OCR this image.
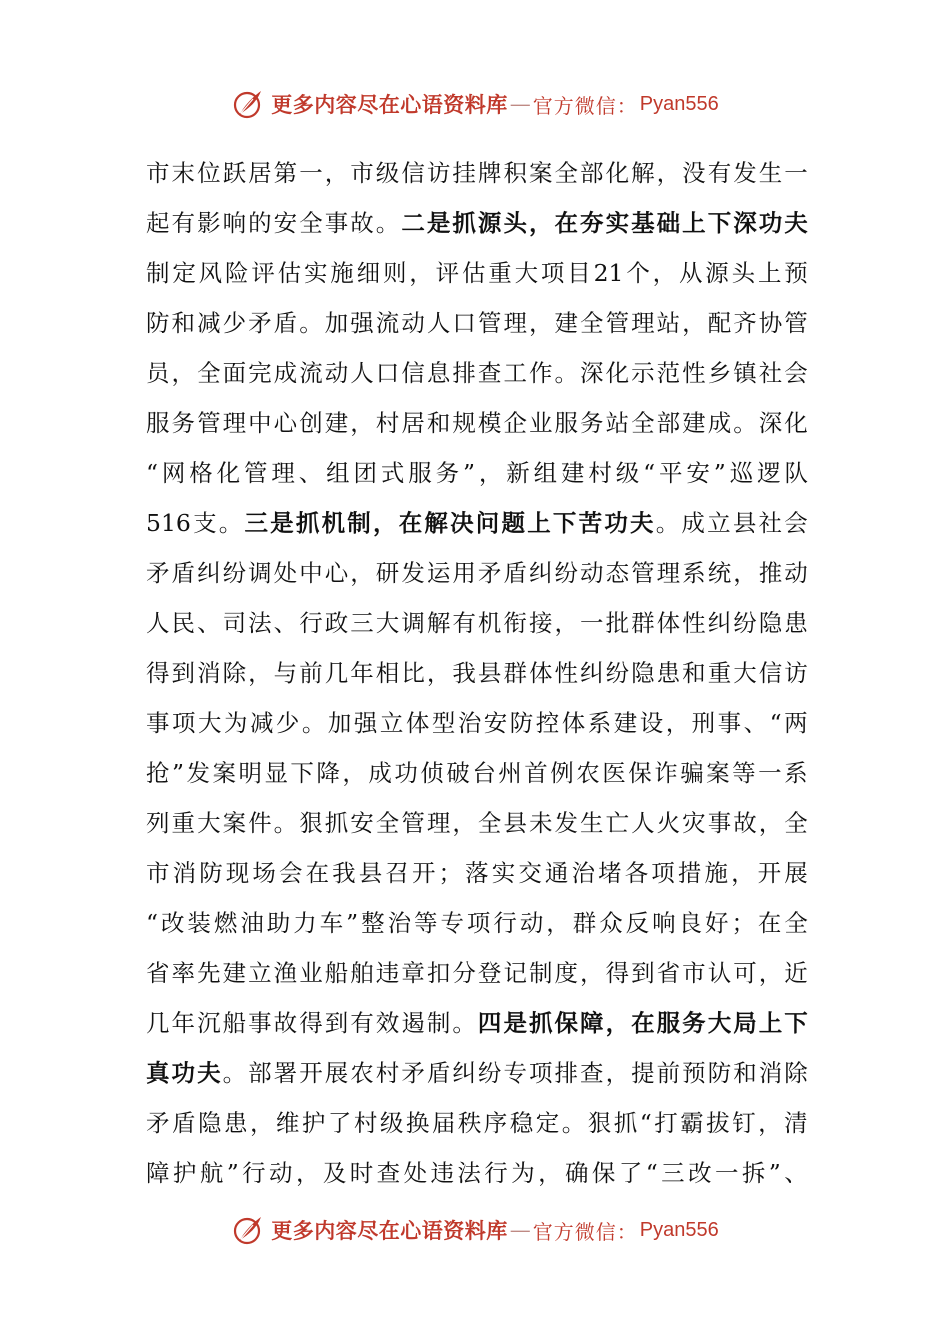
更多内容尽在心语资料库 — 官方微信： Pyan556
市 末 位 跃 居 第 一 ， 市 级 信 访 挂 牌 积 案 全 部 化 解 ， 没 有 发 生 一
起 有 影 响 的 安 全 事 故 。 二 是 抓 源 头 ， 在 夯 实 基 础 上 下 深 功 夫
制 定 风 险 评 估 实 施 细 则 ， 评 估 重 大 项 目 21 个 ， 从 源 头 上 预
防 和 减 少 矛 盾 。 加 强 流 动 人 口 管 理 ， 建 全 管 理 站 ， 配 齐 协 管
员 ， 全 面 完 成 流 动 人 口 信 息 排 查 工 作 。 深 化 示 范 性 乡 镇 社 会
服 务 管 理 中 心 创 建 ， 村 居 和 规 模 企 业 服 务 站 全 部 建 成 。 深 化
“ 网 格 化 管 理 、 组 团 式 服 务 ” ， 新 组 建 村 级 “ 平 安 ” 巡 逻 队
516 支 。 三 是 抓 机 制 ， 在 解 决 问 题 上 下 苦 功 夫 。 成 立 县 社 会
矛 盾 纠 纷 调 处 中 心 ， 研 发 运 用 矛 盾 纠 纷 动 态 管 理 系 统 ， 推 动
人 民 、 司 法 、 行 政 三 大 调 解 有 机 衔 接 ， 一 批 群 体 性 纠 纷 隐 患
得 到 消 除 ， 与 前 几 年 相 比 ， 我 县 群 体 性 纠 纷 隐 患 和 重 大 信 访
事 项 大 为 减 少 。 加 强 立 体 型 治 安 防 控 体 系 建 设 ， 刑 事 、 “ 两
抢 ” 发 案 明 显 下 降 ， 成 功 侦 破 台 州 首 例 农 医 保 诈 骗 案 等 一 系
列 重 大 案 件 。 狠 抓 安 全 管 理 ， 全 县 未 发 生 亡 人 火 灾 事 故 ， 全
市 消 防 现 场 会 在 我 县 召 开 ； 落 实 交 通 治 堵 各 项 措 施 ， 开 展
“ 改 装 燃 油 助 力 车 ” 整 治 等 专 项 行 动 ， 群 众 反 响 良 好 ； 在 全
省 率 先 建 立 渔 业 船 舶 违 章 扣 分 登 记 制 度 ， 得 到 省 市 认 可 ， 近
几 年 沉 船 事 故 得 到 有 效 遏 制 。 四 是 抓 保 障 ， 在 服 务 大 局 上 下
真 功 夫 。 部 署 开 展 农 村 矛 盾 纠 纷 专 项 排 查 ， 提 前 预 防 和 消 除
矛 盾 隐 患 ， 维 护 了 村 级 换 届 秩 序 稳 定 。 狠 抓 “ 打 霸 拔 钉 ， 清
障 护 航 ” 行 动 ， 及 时 查 处 违 法 行 为 ， 确 保 了 “ 三 改 一 拆 ” 、
更多内容尽在心语资料库 — 官方微信： Pyan556
